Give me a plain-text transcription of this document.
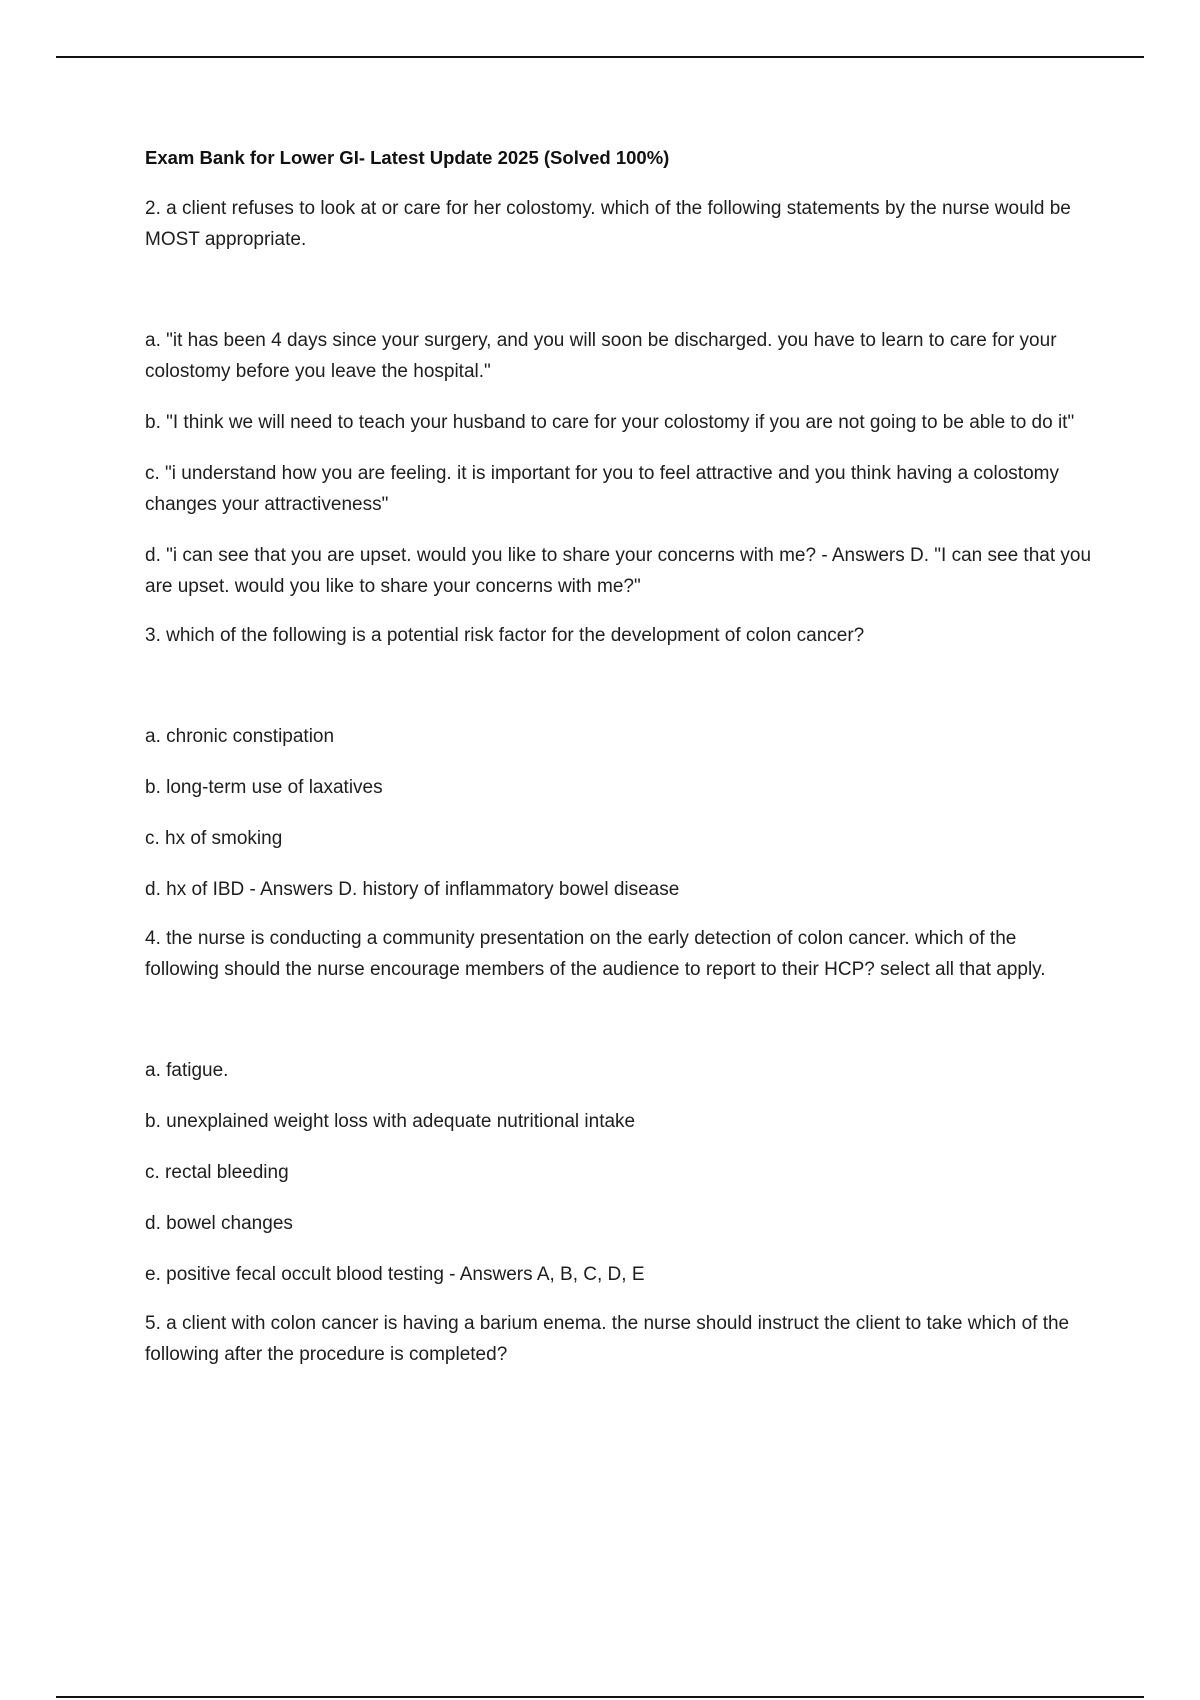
Exam Bank for Lower GI- Latest Update 2025 (Solved 100%)

2. a client refuses to look at or care for her colostomy. which of the following statements by the nurse would be MOST appropriate.

a. "it has been 4 days since your surgery, and you will soon be discharged. you have to learn to care for your colostomy before you leave the hospital."

b. "I think we will need to teach your husband to care for your colostomy if you are not going to be able to do it"

c. "i understand how you are feeling. it is important for you to feel attractive and you think having a colostomy changes your attractiveness"

d. "i can see that you are upset. would you like to share your concerns with me? - Answers D. "I can see that you are upset. would you like to share your concerns with me?"

3. which of the following is a potential risk factor for the development of colon cancer?

a. chronic constipation

b. long-term use of laxatives

c. hx of smoking

d. hx of IBD - Answers D. history of inflammatory bowel disease

4. the nurse is conducting a community presentation on the early detection of colon cancer. which of the following should the nurse encourage members of the audience to report to their HCP? select all that apply.

a. fatigue.

b. unexplained weight loss with adequate nutritional intake

c. rectal bleeding

d. bowel changes

e. positive fecal occult blood testing - Answers A, B, C, D, E

5. a client with colon cancer is having a barium enema. the nurse should instruct the client to take which of the following after the procedure is completed?
